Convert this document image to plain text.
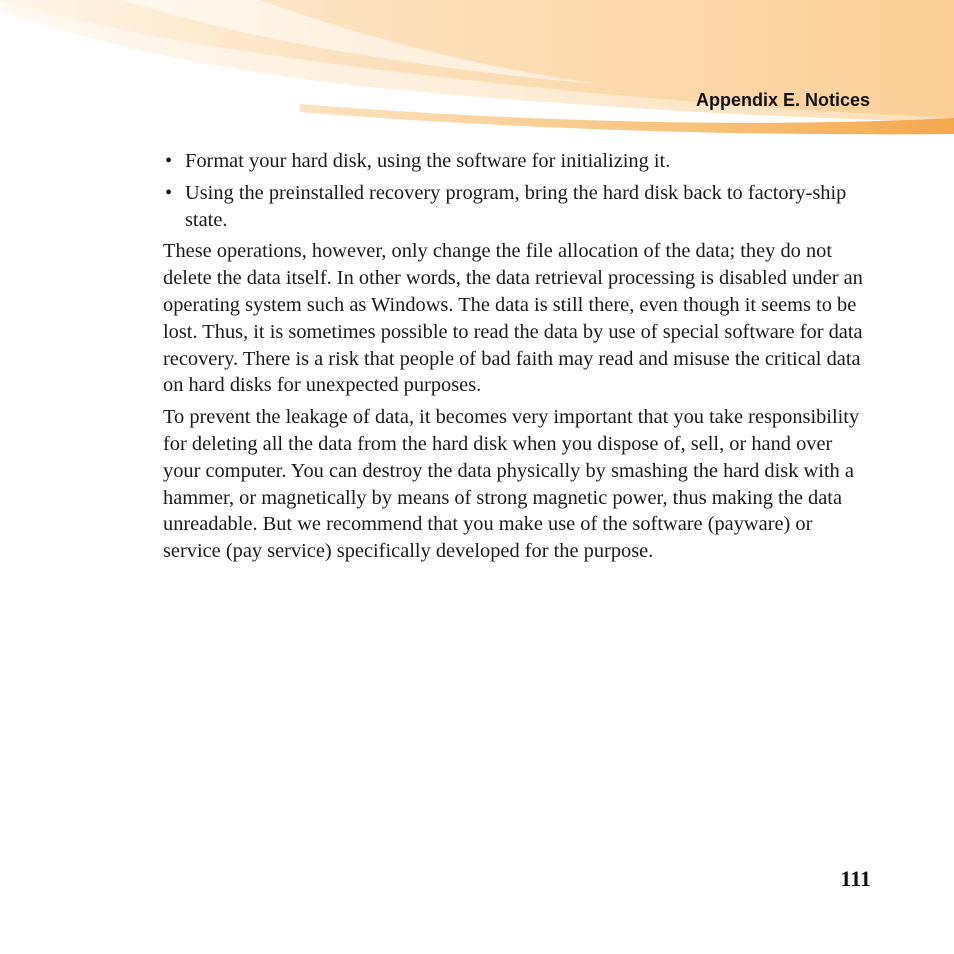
Appendix E. Notices
• Format your hard disk, using the software for initializing it.
• Using the preinstalled recovery program, bring the hard disk back to factory-ship state.

These operations, however, only change the file allocation of the data; they do not delete the data itself. In other words, the data retrieval processing is disabled under an operating system such as Windows. The data is still there, even though it seems to be lost. Thus, it is sometimes possible to read the data by use of special software for data recovery. There is a risk that people of bad faith may read and misuse the critical data on hard disks for unexpected purposes.

To prevent the leakage of data, it becomes very important that you take responsibility for deleting all the data from the hard disk when you dispose of, sell, or hand over your computer. You can destroy the data physically by smashing the hard disk with a hammer, or magnetically by means of strong magnetic power, thus making the data unreadable. But we recommend that you make use of the software (payware) or service (pay service) specifically developed for the purpose.

111
